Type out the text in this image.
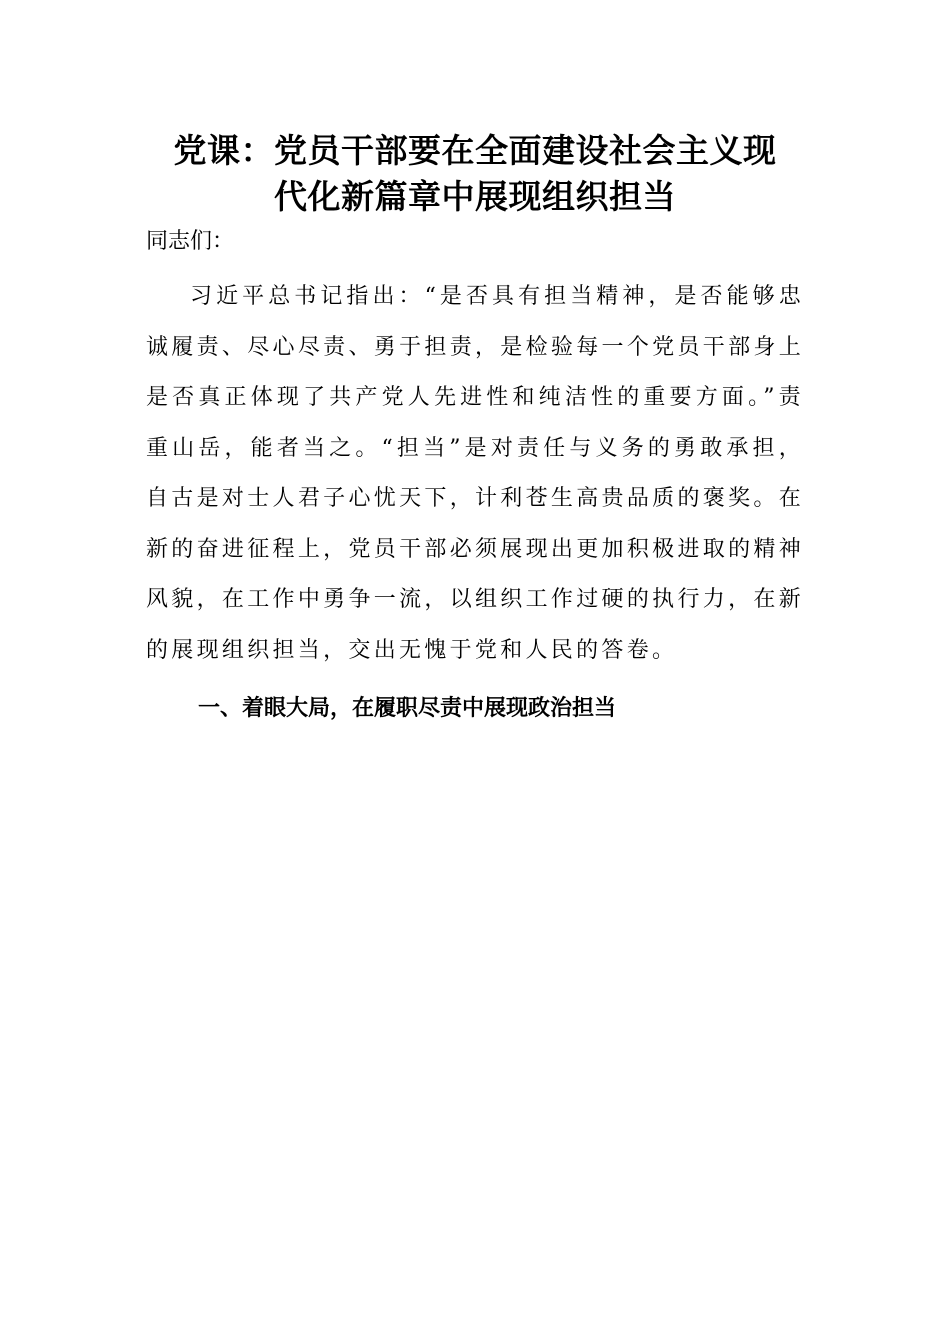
党课：党员干部要在全面建设社会主义现
代化新篇章中展现组织担当

同志们：

习近平总书记指出：“是否具有担当精神，是否能够忠诚履责、尽心尽责、勇于担责，是检验每一个党员干部身上是否真正体现了共产党人先进性和纯洁性的重要方面。”责重山岳，能者当之。“担当”是对责任与义务的勇敢承担，自古是对士人君子心忧天下，计利苍生高贵品质的褒奖。在新的奋进征程上，党员干部必须展现出更加积极进取的精神风貌，在工作中勇争一流，以组织工作过硬的执行力，在新的展现组织担当，交出无愧于党和人民的答卷。

一、着眼大局，在履职尽责中展现政治担当
